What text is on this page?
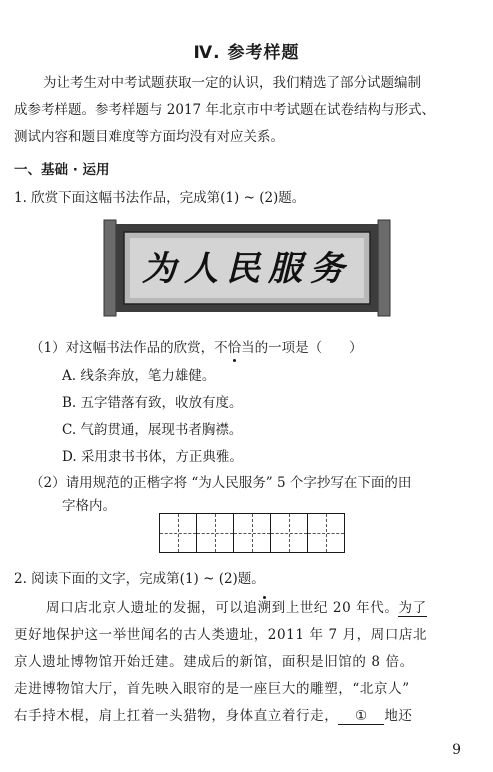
Ⅳ. 参考样题
为让考生对中考试题获取一定的认识，我们精选了部分试题编制
成参考样题。参考样题与 2017 年北京市中考试题在试卷结构与形式、
测试内容和题目难度等方面均没有对应关系。
一、基础 · 运用
1. 欣赏下面这幅书法作品，完成第(1) ~ (2)题。
为人民服务
（1）对这幅书法作品的欣赏，不恰当的一项是（　　）
A. 线条奔放，笔力雄健。
B. 五字错落有致，收放有度。
C. 气韵贯通，展现书者胸襟。
D. 采用隶书书体，方正典雅。
（2）请用规范的正楷字将 “为人民服务” 5 个字抄写在下面的田
字格内。
2. 阅读下面的文字，完成第(1) ~ (2)题。
周口店北京人遗址的发掘，可以追溯到上世纪 20 年代。为了
更好地保护这一举世闻名的古人类遗址，2011 年 7 月，周口店北
京人遗址博物馆开始迁建。建成后的新馆，面积是旧馆的 8 倍。
走进博物馆大厅，首先映入眼帘的是一座巨大的雕塑，“北京人”
右手持木棍，肩上扛着一头猎物，身体直立着行走， ① 地还
9
